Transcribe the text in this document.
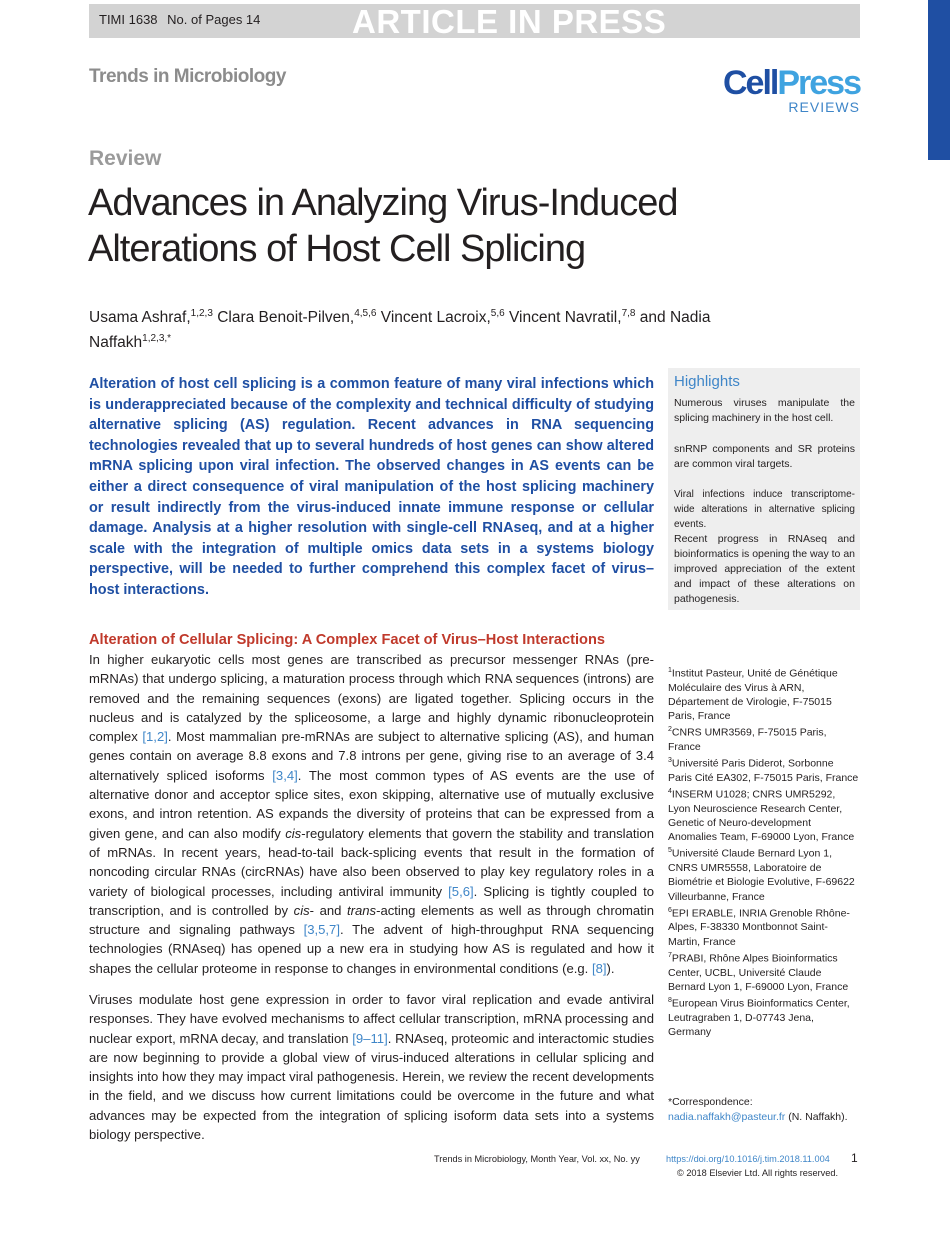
TIMI 1638 No. of Pages 14	ARTICLE IN PRESS
Trends in Microbiology	CellPress
REVIEWS
Review
Advances in Analyzing Virus-Induced Alterations of Host Cell Splicing
Usama Ashraf,$^{1,2,3}$ Clara Benoit-Pilven,$^{4,5,6}$ Vincent Lacroix,$^{5,6}$ Vincent Navratil,$^{7,8}$ and Nadia Naffakh$^{1,2,3,*}$
Alteration of host cell splicing is a common feature of many viral infections which is underappreciated because of the complexity and technical difficulty of studying alternative splicing (AS) regulation. Recent advances in RNA sequencing technologies revealed that up to several hundreds of host genes can show altered mRNA splicing upon viral infection. The observed changes in AS events can be either a direct consequence of viral manipulation of the host splicing machinery or result indirectly from the virus-induced innate immune response or cellular damage. Analysis at a higher resolution with single-cell RNAseq, and at a higher scale with the integration of multiple omics data sets in a systems biology perspective, will be needed to further comprehend this complex facet of virus–host interactions.
Highlights
Numerous viruses manipulate the splicing machinery in the host cell.
snRNP components and SR proteins are common viral targets.
Viral infections induce transcriptome-wide alterations in alternative splicing events.
Recent progress in RNAseq and bioinformatics is opening the way to an improved appreciation of the extent and impact of these alterations on pathogenesis.
Alteration of Cellular Splicing: A Complex Facet of Virus–Host Interactions
In higher eukaryotic cells most genes are transcribed as precursor messenger RNAs (pre-mRNAs) that undergo splicing, a maturation process through which RNA sequences (introns) are removed and the remaining sequences (exons) are ligated together. Splicing occurs in the nucleus and is catalyzed by the spliceosome, a large and highly dynamic ribonucleoprotein complex [1,2]. Most mammalian pre-mRNAs are subject to alternative splicing (AS), and human genes contain on average 8.8 exons and 7.8 introns per gene, giving rise to an average of 3.4 alternatively spliced isoforms [3,4]. The most common types of AS events are the use of alternative donor and acceptor splice sites, exon skipping, alternative use of mutually exclusive exons, and intron retention. AS expands the diversity of proteins that can be expressed from a given gene, and can also modify cis-regulatory elements that govern the stability and translation of mRNAs. In recent years, head-to-tail back-splicing events that result in the formation of noncoding circular RNAs (circRNAs) have also been observed to play key regulatory roles in a variety of biological processes, including antiviral immunity [5,6]. Splicing is tightly coupled to transcription, and is controlled by cis- and trans-acting elements as well as through chromatin structure and signaling pathways [3,5,7]. The advent of high-throughput RNA sequencing technologies (RNAseq) has opened up a new era in studying how AS is regulated and how it shapes the cellular proteome in response to changes in environmental conditions (e.g. [8]).
Viruses modulate host gene expression in order to favor viral replication and evade antiviral responses. They have evolved mechanisms to affect cellular transcription, mRNA processing and nuclear export, mRNA decay, and translation [9–11]. RNAseq, proteomic and interactomic studies are now beginning to provide a global view of virus-induced alterations in cellular splicing and insights into how they may impact viral pathogenesis. Herein, we review the recent developments in the field, and we discuss how current limitations could be overcome in the future and what advances may be expected from the integration of splicing isoform data sets into a systems biology perspective.
$^1$Institut Pasteur, Unité de Génétique Moléculaire des Virus à ARN, Département de Virologie, F-75015 Paris, France
$^2$CNRS UMR3569, F-75015 Paris, France
$^3$Université Paris Diderot, Sorbonne Paris Cité EA302, F-75015 Paris, France
$^4$INSERM U1028; CNRS UMR5292, Lyon Neuroscience Research Center, Genetic of Neuro-development Anomalies Team, F-69000 Lyon, France
$^5$Université Claude Bernard Lyon 1, CNRS UMR5558, Laboratoire de Biométrie et Biologie Evolutive, F-69622 Villeurbanne, France
$^6$EPI ERABLE, INRIA Grenoble Rhône-Alpes, F-38330 Montbonnot Saint-Martin, France
$^7$PRABI, Rhône Alpes Bioinformatics Center, UCBL, Université Claude Bernard Lyon 1, F-69000 Lyon, France
$^8$European Virus Bioinformatics Center, Leutragraben 1, D-07743 Jena, Germany
*Correspondence:
nadia.naffakh@pasteur.fr (N. Naffakh).
Trends in Microbiology, Month Year, Vol. xx, No. yy	https://doi.org/10.1016/j.tim.2018.11.004 1
© 2018 Elsevier Ltd. All rights reserved.
